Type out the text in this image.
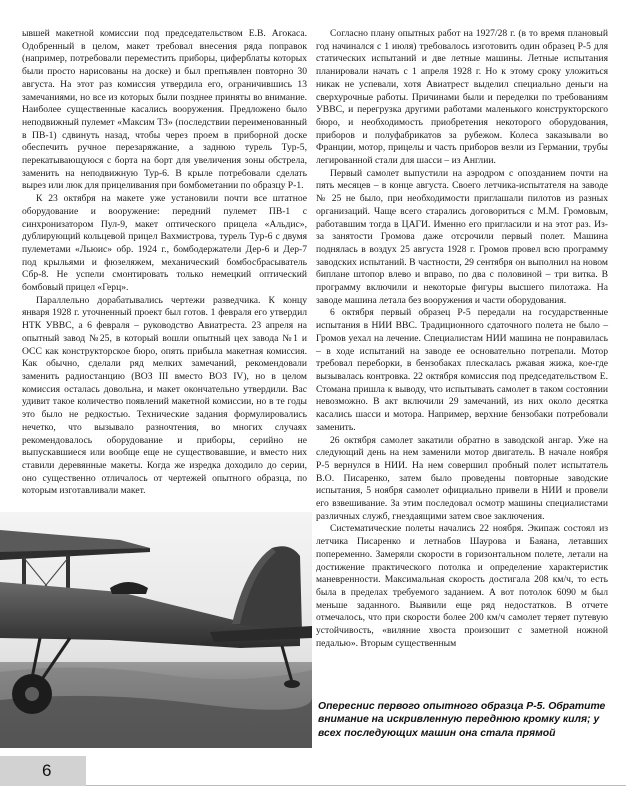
ывшей макетной комиссии под председательством Е.В. Агокаса. Одобренный в целом, макет требовал внесения ряда поправок (например, потребовали переместить приборы, циферблаты которых были просто нарисованы на доске) и был препъявлен повторно 30 августа. На этот раз комиссия утвердила его, ограничившись 13 замечаниями, но все из которых были позднее приняты во внимание. Наиболее существенные касались вооружения. Предложено было неподвижный пулемет «Максим ТЗ» (последствии переименованный в ПВ-1) сдвинуть назад, чтобы через проем в приборной доске обеспечить ручное перезаряжание, а заднюю турель Тур-5, перекатывающуюся с борта на борт для увеличения зоны обстрела, заменить на неподвижную Тур-6. В крыле потребовали сделать вырез или люк для прицеливания при бомбометании по образцу Р-1.

К 23 октября на макете уже установили почти все штатное оборудование и вооружение: передний пулемет ПВ-1 с синхронизатором Пул-9, макет оптического прицела «Альдис», дублирующий кольцевой прицел Вахмистрова, турель Тур-6 с двумя пулеметами «Льюис» обр. 1924 г., бомбодержатели Дер-6 и Дер-7 под крыльями и фюзеляжем, механический бомбосбрасыватель Сбр-8. Не успели смонтировать только немецкий оптический бомбовый прицел «Герц».

Параллельно дорабатывались чертежи разведчика. К концу января 1928 г. уточненный проект был готов. 1 февраля его утвердил НТК УВВС, а 6 февраля – руководство Авиатреста. 23 апреля на опытный завод №25, в который вошли опытный цех завода №1 и ОСС как конструкторское бюро, опять прибыла макетная комиссия. Как обычно, сделали ряд мелких замечаний, рекомендовали заменить радиостанцию (ВОЗ III вместо ВОЗ IV), но в целом комиссия осталась довольна, и макет окончательно утвердили. Вас удивит такое количество появлений макетной комиссии, но в те годы это было не редкостью. Технические задания формулировались нечетко, что вызывало разночтения, во многих случаях рекомендовалось оборудование и приборы, серийно не выпускавшиеся или вообще еще не существовавшие, и вместо них ставили деревянные макеты. Когда же изредка доходило до серии, оно существенно отличалось от чертежей опытного образца, по которым изготавливали макет.

Согласно плану опытных работ на 1927/28 г. (в то время плановый год начинался с 1 июля) требовалось изготовить один образец Р-5 для статических испытаний и две летные машины. Летные испытания планировали начать с 1 апреля 1928 г. Но к этому сроку уложиться никак не успевали, хотя Авиатрест выделил специально деньги на сверхурочные работы. Причинами были и переделки по требованиям УВВС, и перегрузка другими работами маленького конструкторского бюро, и необходимость приобретения некоторого оборудования, приборов и полуфабрикатов за рубежом. Колеса заказывали во Франции, мотор, прицелы и часть приборов везли из Германии, трубы легированной стали для шасси – из Англии.

Первый самолет выпустили на аэродром с опозданием почти на пять месяцев – в конце августа. Своего летчика-испытателя на заводе № 25 не было, при необходимости приглашали пилотов из разных организаций. Чаще всего старались договориться с М.М. Громовым, работавшим тогда в ЦАГИ. Именно его пригласили и на этот раз. Из-за занятости Громова даже отсрочили первый полет. Машина поднялась в воздух 25 августа 1928 г. Громов провел всю программу заводских испытаний. В частности, 29 сентября он выполнил на новом биплане штопор влево и вправо, по два с половиной – три витка. В программу включили и некоторые фигуры высшего пилотажа. На заводе машина летала без вооружения и части оборудования.

6 октября первый образец Р-5 передали на государственные испытания в НИИ ВВС. Традиционного сдаточного полета не было – Громов уехал на лечение. Специалистам НИИ машина не понравилась – в ходе испытаний на заводе ее основательно потрепали. Мотор требовал переборки, в бензобаках плескалась ржавая жижа, кое-где вызывалась контровка. 22 октября комиссия под председательством Е. Стомана пришла к выводу, что испытывать самолет в таком состоянии невозможно. В акт включили 29 замечаний, из них около десятка касались шасси и мотора. Например, верхние бензобаки потребовали заменить.

26 октября самолет закатили обратно в заводской ангар. Уже на следующий день на нем заменили мотор двигатель. В начале ноября Р-5 вернулся в НИИ. На нем совершил пробный полет испытатель В.О. Писаренко, затем было проведены повторные заводские испытания, 5 ноября самолет официально привели в НИИ и провели его взвешивание. За этим последовал осмотр машины специалистами различных служб, гнездаящими затем свое заключения.

Систематические полеты начались 22 ноября. Экипаж состоял из летчика Писаренко и летнабов Шаурова и Баяана, летавших попеременно. Замеряли скорости в горизонтальном полете, летали на достижение практического потолка и определение характеристик маневренности. Максимальная скорость достигала 208 км/ч, то есть была в пределах требуемого заданием. А вот потолок 6090 м был меньше заданного. Выявили еще ряд недостатков. В отчете отмечалось, что при скорости более 200 км/ч самолет теряет путевую устойчивость, «виляние хвоста произошит с заметной ножной педалью». Вторым существенным

Опереснис первого опытного образца Р-5. Обратите внимание на искривленную переднюю кромку киля; у всех последующих машин она стала прямой
6
